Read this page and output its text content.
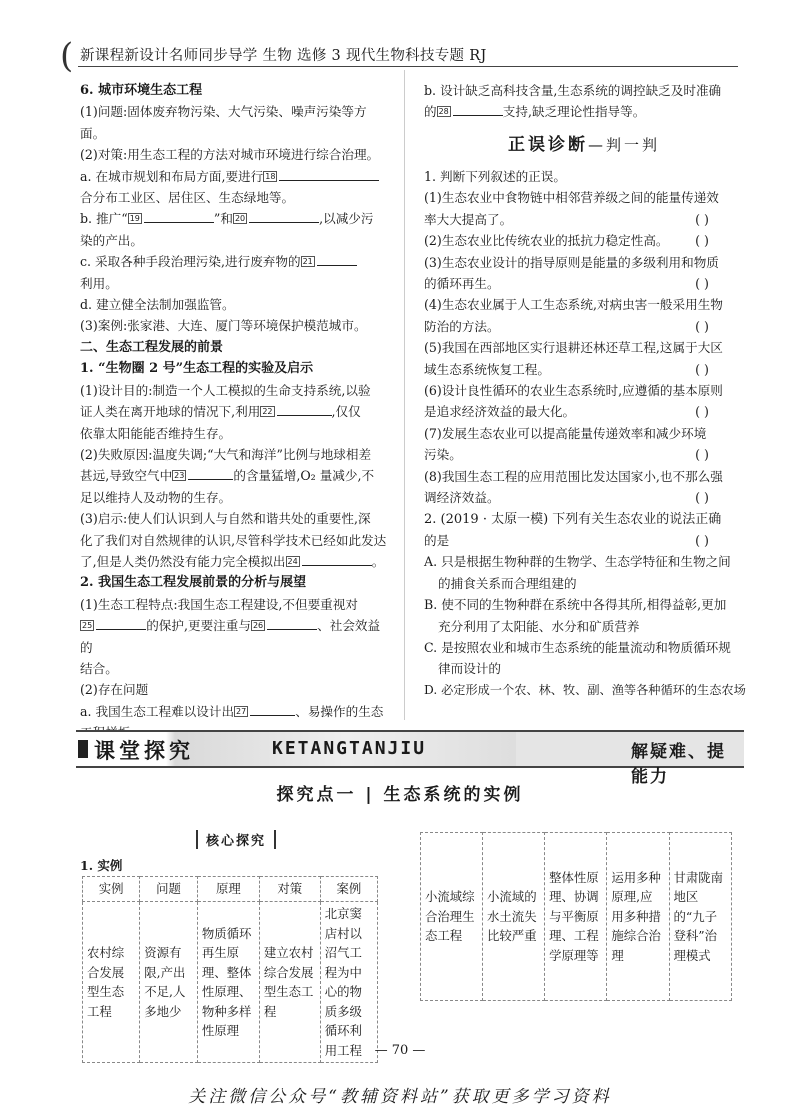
( 新课程新设计名师同步导学 生物 选修 3 现代生物科技专题 RJ

6. 城市环境生态工程

(1)问题:固体废弃物污染、大气污染、噪声污染等方面。

(2)对策:用生态工程的方法对城市环境进行综合治理。

a. 在城市规划和布局方面,要进行 18

合分布工业区、居住区、生态绿地等。

b. 推广“ 19	”和 20	,以减少污

染的产出。

c. 采取各种手段治理污染,进行废弃物的 21

利用。

d. 建立健全法制加强监管。

(3)案例:张家港、大连、厦门等环境保护模范城市。

二、生态工程发展的前景

1. “生物圈 2 号”生态工程的实验及启示

(1)设计目的:制造一个人工模拟的生命支持系统,以验

证人类在离开地球的情况下,利用 22	,仅仅

依靠太阳能能否维持生存。

(2)失败原因:温度失调;“大气和海洋”比例与地球相差

甚远,导致空气中 23	的含量猛增,O₂ 量减少,不

足以维持人及动物的生存。

(3)启示:使人们认识到人与自然和谐共处的重要性,深

化了我们对自然规律的认识,尽管科学技术已经如此发达

了,但是人类仍然没有能力完全模拟出 24	。

2. 我国生态工程发展前景的分析与展望

(1)生态工程特点:我国生态工程建设,不但要重视对

25	的保护,更要注重与 26	、社会效益的

结合。

(2)存在问题

a. 我国生态工程难以设计出 27	、易操作的生态

b. 设计缺乏高科技含量,生态系统的调控缺乏及时准确

的 28	支持,缺乏理论性指导等。

正误诊断—判一判

1. 判断下列叙述的正误。

(1)生态农业中食物链中相邻营养级之间的能量传递效

率大大提高了。	( )

(2)生态农业比传统农业的抵抗力稳定性高。	( )

(3)生态农业设计的指导原则是能量的多级利用和物质

的循环再生。	( )

(4)生态农业属于人工生态系统,对病虫害一般采用生物

防治的方法。	( )

(5)我国在西部地区实行退耕还林还草工程,这属于大区

域生态系统恢复工程。	( )

(6)设计良性循环的农业生态系统时,应遵循的基本原则

是追求经济效益的最大化。	( )

(7)发展生态农业可以提高能量传递效率和减少环境

污染。	( )

(8)我国生态工程的应用范围比发达国家小,也不那么强

调经济效益。	( )

2. (2019 · 太原一模) 下列有关生态农业的说法正确

的是	( )

A. 只是根据生物种群的生物学、生态学特征和生物之间

的捕食关系而合理组建的

B. 使不同的生物种群在系统中各得其所,相得益彰,更加

充分利用了太阳能、水分和矿质营养

C. 是按照农业和城市生态系统的能量流动和物质循环规

律而设计的

D. 必定形成一个农、林、牧、副、渔等各种循环的生态农场

课堂探究	KETANGTANJIU	解疑难、提能力
探究点一 | 生态系统的实例
核心探究
1. 实例
实例	问题	原理	对策	案例
农村综合发展型生态工程	资源有限,产出不足,人多地少	物质循环再生原理、整体性原理、物种多样性原理	建立农村综合发展型生态工程	北京窦店村以沼气工程为中心的物质多级循环利用工程
小流域综合治理生态工程	小流域的水土流失比较严重	整体性原理、协调与平衡原理、工程学原理等	运用多种原理,应用多种措施综合治理	甘肃陇南地区的“九子登科”治理模式
— 70 —
关注微信公众号“教辅资料站”获取更多学习资料
